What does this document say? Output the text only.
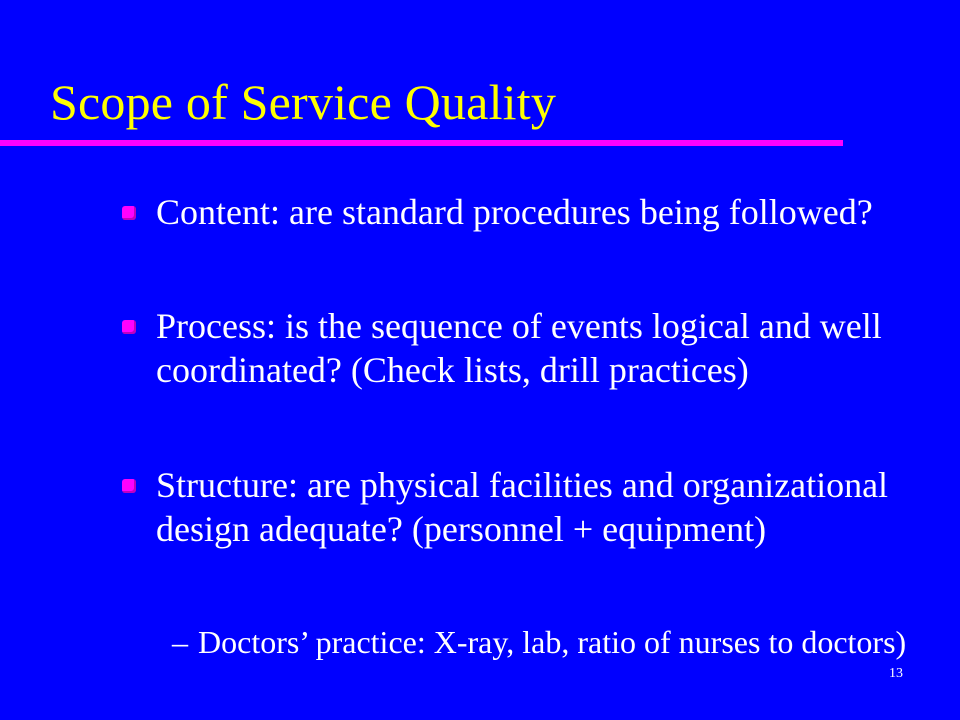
Scope of Service Quality
Content: are standard procedures being followed?
Process: is the sequence of events logical and well coordinated? (Check lists, drill practices)
Structure: are physical facilities and organizational design adequate? (personnel + equipment)
– Doctors’ practice: X-ray, lab, ratio of nurses to doctors)
13
